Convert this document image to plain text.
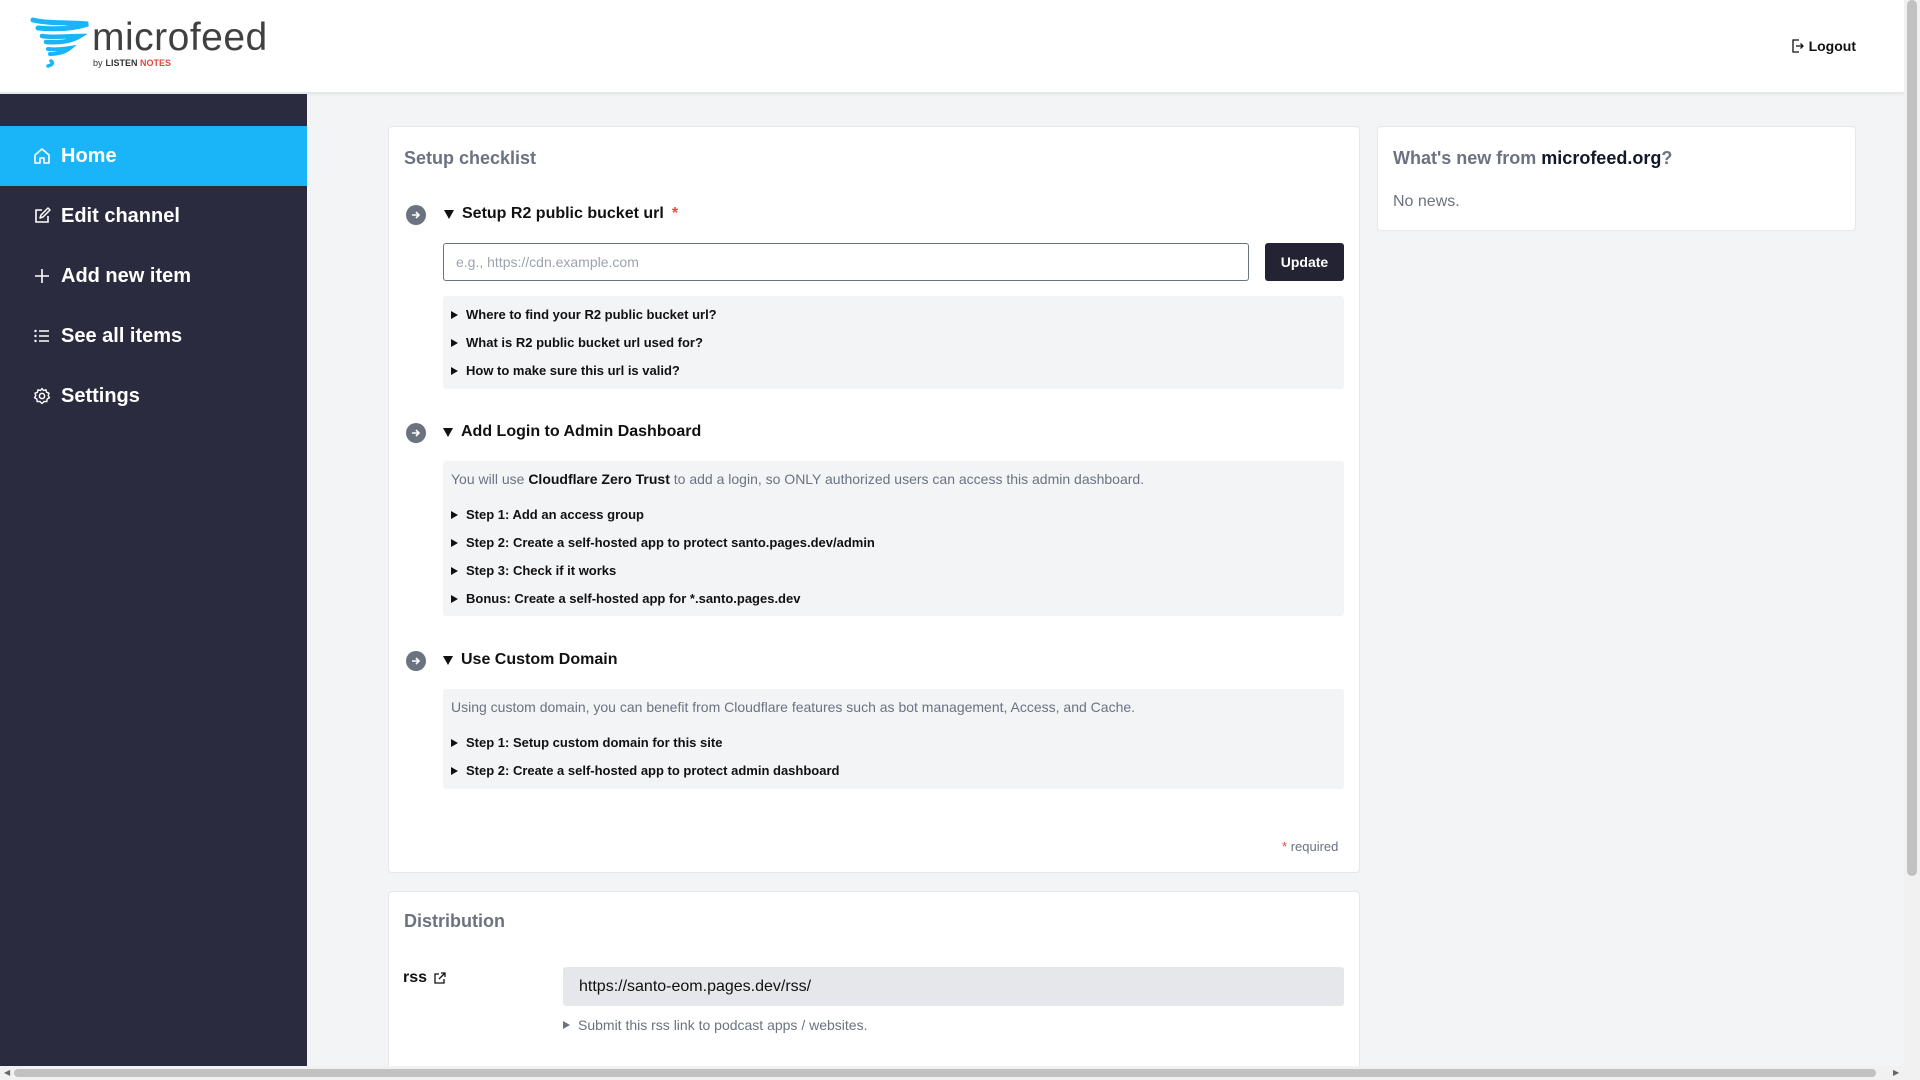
microfeed
by LISTEN NOTES
Logout
Home
Edit channel
Add new item
See all items
Settings
Setup checklist
Setup R2 public bucket url *
e.g., https://cdn.example.com
Update
Where to find your R2 public bucket url?
What is R2 public bucket url used for?
How to make sure this url is valid?
Add Login to Admin Dashboard
You will use Cloudflare Zero Trust to add a login, so ONLY authorized users can access this admin dashboard.
Step 1: Add an access group
Step 2: Create a self-hosted app to protect santo.pages.dev/admin
Step 3: Check if it works
Bonus: Create a self-hosted app for *.santo.pages.dev
Use Custom Domain
Using custom domain, you can benefit from Cloudflare features such as bot management, Access, and Cache.
Step 1: Setup custom domain for this site
Step 2: Create a self-hosted app to protect admin dashboard
* required
What's new from microfeed.org?
No news.
Distribution
rss	https://santo-eom.pages.dev/rss/
Submit this rss link to podcast apps / websites.
◀	▶
